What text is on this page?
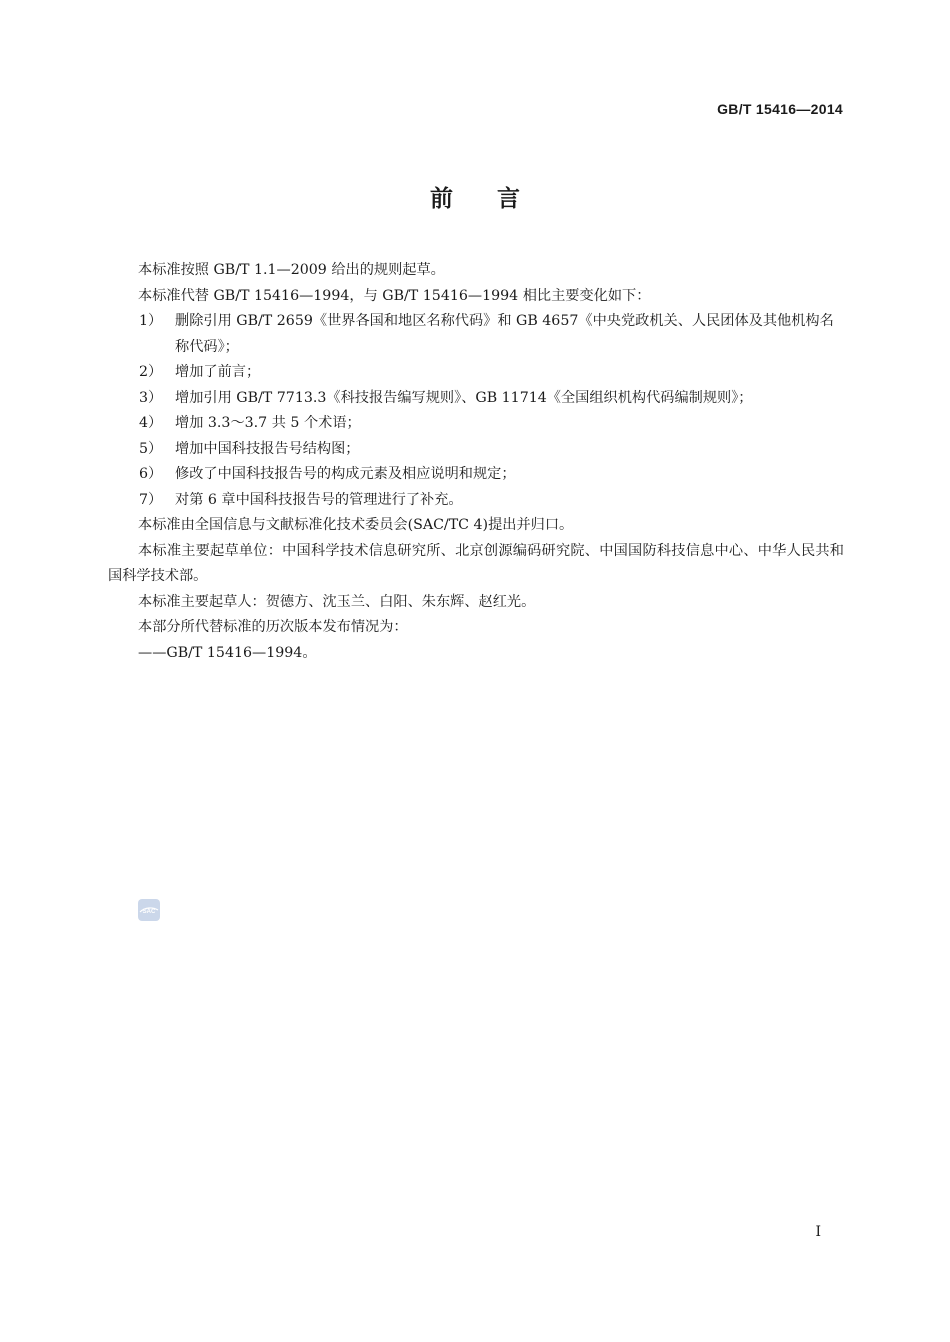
GB/T 15416—2014
前言
本标准按照 GB/T 1.1—2009 给出的规则起草。
本标准代替 GB/T 15416—1994，与 GB/T 15416—1994 相比主要变化如下：
1） 删除引用 GB/T 2659《世界各国和地区名称代码》和 GB 4657《中央党政机关、人民团体及其他机构名称代码》；
2） 增加了前言；
3） 增加引用 GB/T 7713.3《科技报告编写规则》、GB 11714《全国组织机构代码编制规则》；
4） 增加 3.3～3.7 共 5 个术语；
5） 增加中国科技报告号结构图；
6） 修改了中国科技报告号的构成元素及相应说明和规定；
7） 对第 6 章中国科技报告号的管理进行了补充。
本标准由全国信息与文献标准化技术委员会(SAC/TC 4)提出并归口。
本标准主要起草单位：中国科学技术信息研究所、北京创源编码研究院、中国国防科技信息中心、中华人民共和国科学技术部。
本标准主要起草人：贺德方、沈玉兰、白阳、朱东辉、赵红光。
本部分所代替标准的历次版本发布情况为：
——GB/T 15416—1994。
SAC
I
